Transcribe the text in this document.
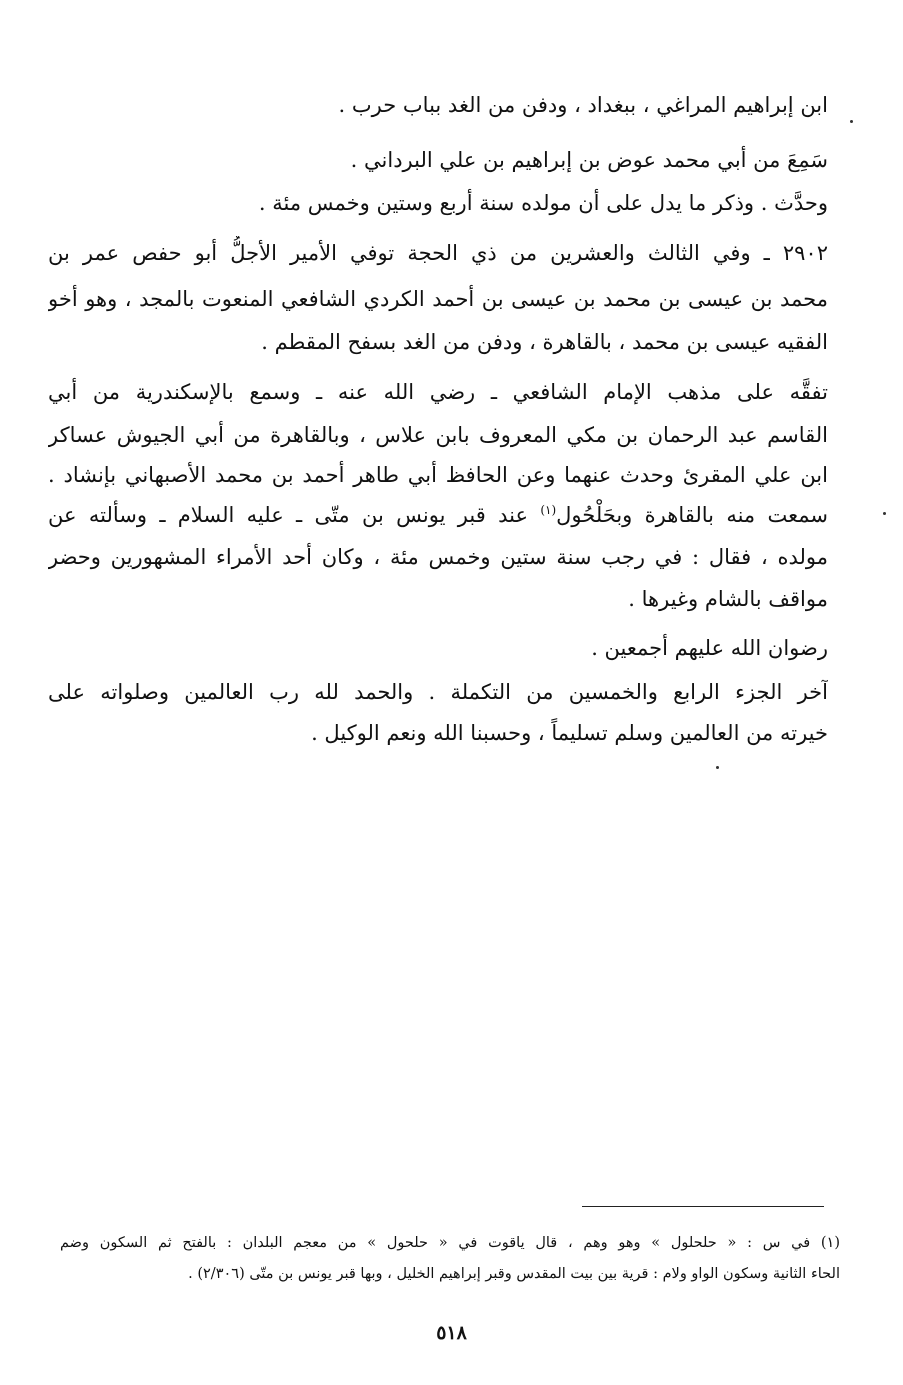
ابن إبراهيم المراغي ، ببغداد ، ودفن من الغد بباب حرب .
سَمِعَ من أبي محمد عوض بن إبراهيم بن علي البرداني .
وحدَّث . وذكر ما يدل على أن مولده سنة أربع وستين وخمس مئة .
٢٩٠٢ ـ وفي الثالث والعشرين من ذي الحجة توفي الأمير الأجلُّ أبو حفص عمر بن
محمد بن عيسى بن محمد بن عيسى بن أحمد الكردي الشافعي المنعوت بالمجد ، وهو أخو
الفقيه عيسى بن محمد ، بالقاهرة ، ودفن من الغد بسفح المقطم .
تفقَّه على مذهب الإمام الشافعي ـ رضي الله عنه ـ وسمع بالإسكندرية من أبي
القاسم عبد الرحمان بن مكي المعروف بابن علاس ، وبالقاهرة من أبي الجيوش عساكر
ابن علي المقرئ وحدث عنهما وعن الحافظ أبي طاهر أحمد بن محمد الأصبهاني بإنشاد .
سمعت منه بالقاهرة وبحَلْحُول$^{(١)}$ عند قبر يونس بن متّى ـ عليه السلام ـ وسألته عن
مولده ، فقال : في رجب سنة ستين وخمس مئة ، وكان أحد الأمراء المشهورين وحضر
مواقف بالشام وغيرها .
رضوان الله عليهم أجمعين .
آخر الجزء الرابع والخمسين من التكملة . والحمد لله رب العالمين وصلواته على
خيرته من العالمين وسلم تسليماً ، وحسبنا الله ونعم الوكيل .
(١) في س : « حلحلول » وهو وهم ، قال ياقوت في « حلحول » من معجم البلدان : بالفتح ثم السكون وضم
الحاء الثانية وسكون الواو ولام : قرية بين بيت المقدس وقبر إبراهيم الخليل ، وبها قبر يونس بن متّى (٢/٣٠٦) .
٥١٨
